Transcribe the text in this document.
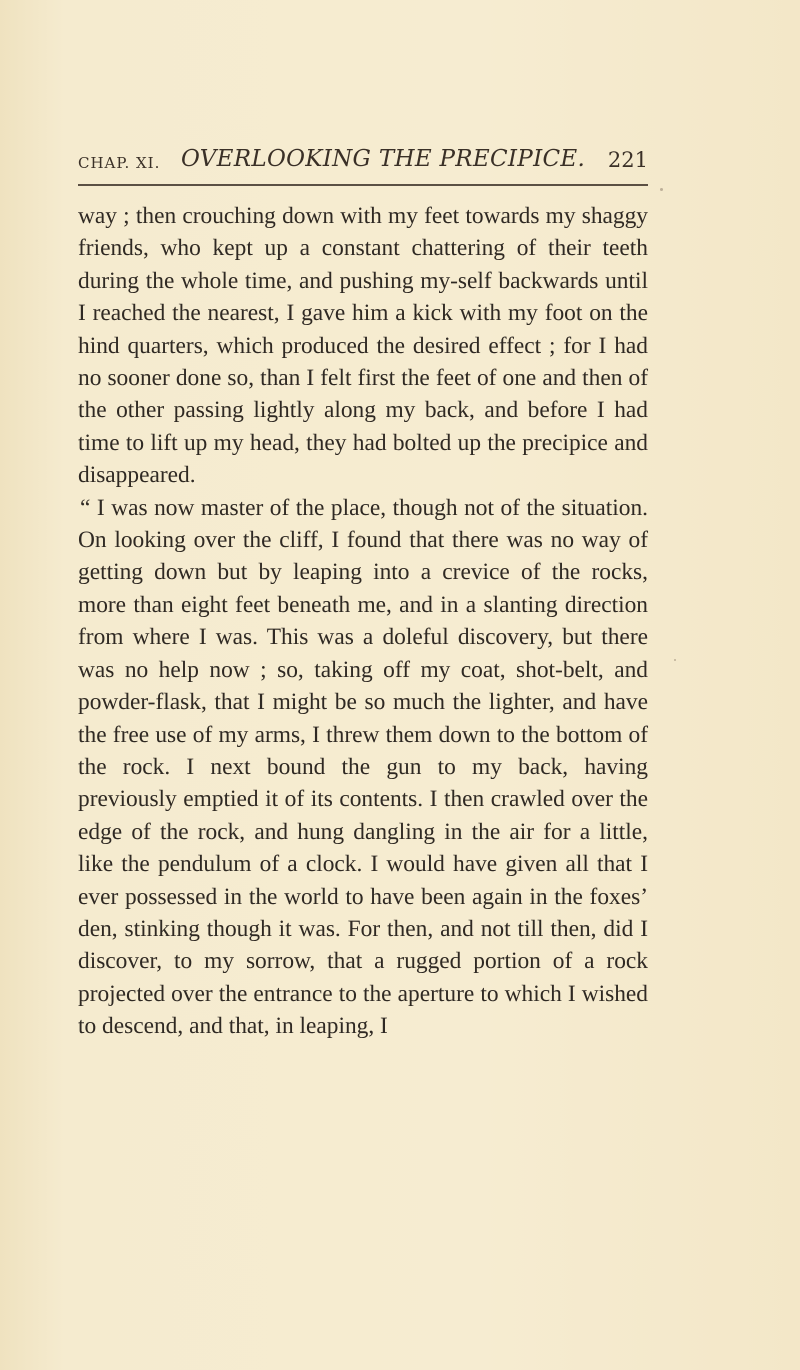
CHAP. XI. OVERLOOKING THE PRECIPICE. 221

way ; then crouching down with my feet towards my shaggy friends, who kept up a constant chattering of their teeth during the whole time, and pushing my-self backwards until I reached the nearest, I gave him a kick with my foot on the hind quarters, which produced the desired effect ; for I had no sooner done so, than I felt first the feet of one and then of the other passing lightly along my back, and before I had time to lift up my head, they had bolted up the precipice and disappeared.

“ I was now master of the place, though not of the situation. On looking over the cliff, I found that there was no way of getting down but by leaping into a crevice of the rocks, more than eight feet beneath me, and in a slanting direction from where I was. This was a doleful discovery, but there was no help now ; so, taking off my coat, shot-belt, and powder-flask, that I might be so much the lighter, and have the free use of my arms, I threw them down to the bottom of the rock. I next bound the gun to my back, having previously emptied it of its contents. I then crawled over the edge of the rock, and hung dangling in the air for a little, like the pendulum of a clock. I would have given all that I ever possessed in the world to have been again in the foxes’ den, stinking though it was. For then, and not till then, did I discover, to my sorrow, that a rugged portion of a rock projected over the entrance to the aperture to which I wished to descend, and that, in leaping, I
